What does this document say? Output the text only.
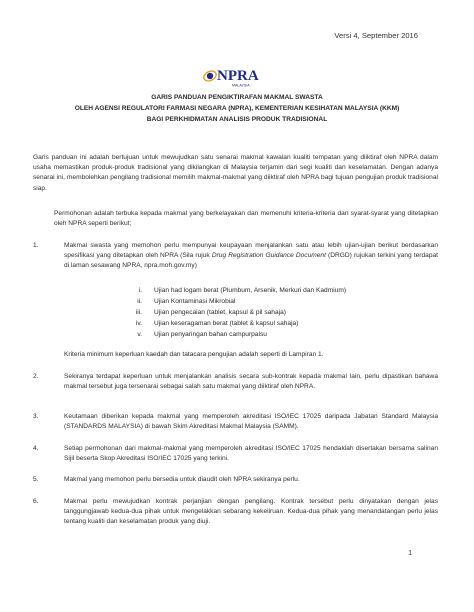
Versi 4, September 2016
NPRA
MALAYSIA
GARIS PANDUAN PENGIKTIRAFAN MAKMAL SWASTA
OLEH AGENSI REGULATORI FARMASI NEGARA (NPRA), KEMENTERIAN KESIHATAN MALAYSIA (KKM)
BAGI PERKHIDMATAN ANALISIS PRODUK TRADISIONAL
Garis panduan ini adalah bertujuan untuk mewujudkan satu senarai makmal kawalan kualiti tempatan yang diiktiraf oleh NPRA dalam usaha memastikan produk-produk tradisional yang dikilangkan di Malaysia terjamin dari segi kualiti dan keselamatan. Dengan adanya senarai ini, membolehkan pengilang tradisional memilih makmal-makmal yang diiktiraf oleh NPRA bagi tujuan pengujian produk tradisional siap.
Permohonan adalah terbuka kepada makmal yang berkelayakan dan memenuhi kriteria-kriteria dan syarat-syarat yang ditetapkan oleh NPRA seperti berikut;
1.	Makmal swasta yang memohon perlu mempunyai keupayaan menjalankan satu atau lebih ujian-ujian berikut berdasarkan spesifikasi yang ditetapkan oleh NPRA (Sila rujuk Drug Registration Guidance Document (DRGD) rujukan terkini yang terdapat di laman sesawang NPRA, npra.moh.gov.my)
i. Ujian had logam berat (Plumbum, Arsenik, Merkuri dan Kadmium)
ii. Ujian Kontaminasi Mikrobial
iii. Ujian pengecaian (tablet, kapsul & pil sahaja)
iv. Ujian keseragaman berat (tablet & kapsul sahaja)
v. Ujian penyaringan bahan campurpalsu
Kriteria minimum keperluan kaedah dan tatacara pengujian adalah seperti di Lampiran 1.
2.	Sekiranya terdapat keperluan untuk menjalankan analisis secara sub-kontrak kepada makmal lain, perlu dipastikan bahawa makmal tersebut juga tersenarai sebagai salah satu makmal yang diiktiraf oleh NPRA.
3.	Keutamaan diberikan kepada makmal yang memperoleh akreditasi ISO/IEC 17025 daripada Jabatan Standard Malaysia (STANDARDS MALAYSIA) di bawah Skim Akreditasi Makmal Malaysia (SAMM).
4.	Setiap permohonan dari makmal-makmal yang memperoleh akreditasi ISO/IEC 17025 hendaklah disertakan bersama salinan Sijil beserta Skop Akreditasi ISO/IEC 17025 yang terkini.
5.	Makmal yang memohon perlu bersedia untuk diaudit oleh NPRA sekiranya perlu.
6.	Makmal perlu mewujudkan kontrak perjanjian dengan pengilang. Kontrak tersebut perlu dinyatakan dengan jelas tanggungjawab kedua-dua pihak untuk mengelakkan sebarang kekeliruan. Kedua-dua pihak yang menandatangan perlu jelas tentang kualiti dan keselamatan produk yang diuji.
1
